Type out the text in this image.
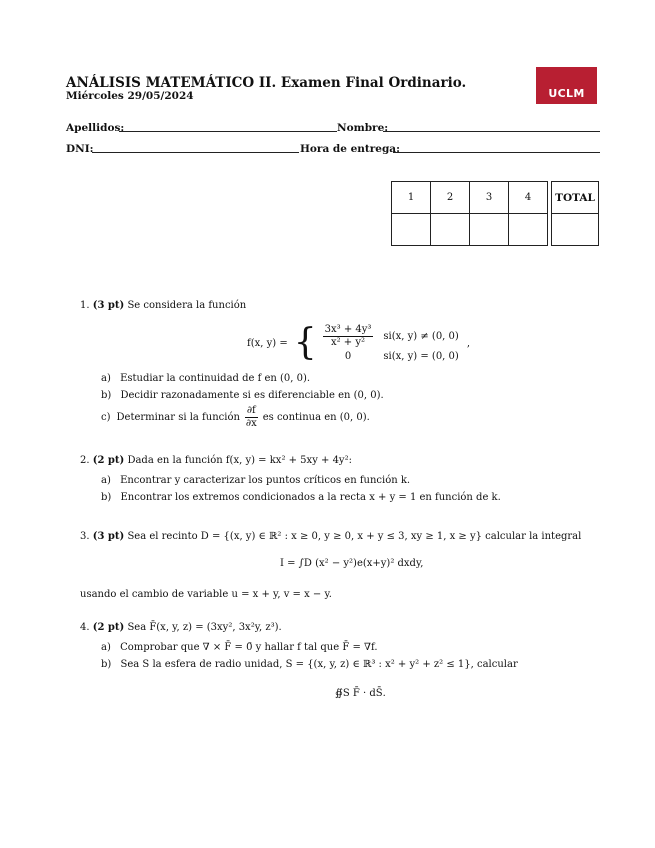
ANÁLISIS MATEMÁTICO II. Examen Final Ordinario.
Miércoles 29/05/2024	UCLM
Apellidos:	Nombre:
DNI:	Hora de entrega:
1	2	3	4		TOTAL

1. (3 pt) Se considera la función
f(x, y) = { $\frac{\text{3x³ + 4y³}}{\text{x² + y²}} si(x$, y) ≠ (0, 0)
0	si(x, y) = (0, 0)
,
a) Estudiar la continuidad de f en (0, 0).
b) Decidir razonadamente si es diferenciable en (0, 0).
c) Determinar si la función $\frac{\partial f}{\partial x}$ es continua en (0, 0).
2. (2 pt) Dada en la función f(x, y) = kx² + 5xy + 4y²:
a) Encontrar y caracterizar los puntos críticos en función k.
b) Encontrar los extremos condicionados a la recta x + y = 1 en función de k.
3. (3 pt) Sea el recinto D = {(x, y) ∈ ℝ² : x ≥ 0, y ≥ 0, x + y ≤ 3, xy ≥ 1, x ≥ y} calcular la integral
I = ∫D (x² − y²)e(x+y)² dxdy,
usando el cambio de variable u = x + y, v = x − y.
4. (2 pt) Sea F̄(x, y, z) = (3xy², 3x²y, z³).
a) Comprobar que ∇ × F̄ = 0̄ y hallar f tal que F̄ = ∇f.
b) Sea S la esfera de radio unidad, S = {(x, y, z) ∈ ℝ³ : x² + y² + z² ≤ 1}, calcular
∯S F̄ · dS̄.
